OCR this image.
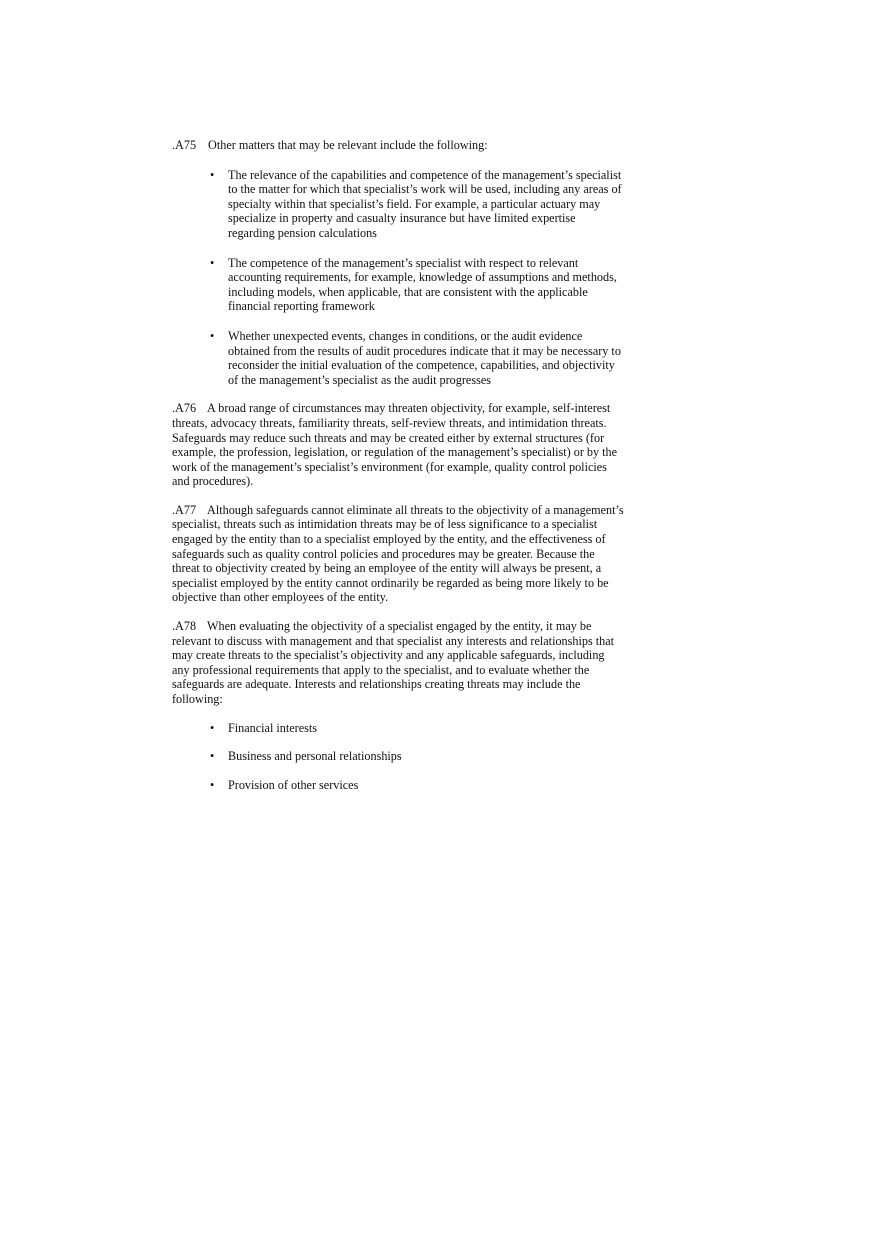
.A75 Other matters that may be relevant include the following:

• The relevance of the capabilities and competence of the management’s specialist to the matter for which that specialist’s work will be used, including any areas of specialty within that specialist’s field. For example, a particular actuary may specialize in property and casualty insurance but have limited expertise regarding pension calculations
• The competence of the management’s specialist with respect to relevant accounting requirements, for example, knowledge of assumptions and methods, including models, when applicable, that are consistent with the applicable financial reporting framework
• Whether unexpected events, changes in conditions, or the audit evidence obtained from the results of audit procedures indicate that it may be necessary to reconsider the initial evaluation of the competence, capabilities, and objectivity of the management’s specialist as the audit progresses

.A76 A broad range of circumstances may threaten objectivity, for example, self-interest threats, advocacy threats, familiarity threats, self-review threats, and intimidation threats. Safeguards may reduce such threats and may be created either by external structures (for example, the profession, legislation, or regulation of the management’s specialist) or by the work of the management’s specialist’s environment (for example, quality control policies and procedures).

.A77 Although safeguards cannot eliminate all threats to the objectivity of a management’s specialist, threats such as intimidation threats may be of less significance to a specialist engaged by the entity than to a specialist employed by the entity, and the effectiveness of safeguards such as quality control policies and procedures may be greater. Because the threat to objectivity created by being an employee of the entity will always be present, a specialist employed by the entity cannot ordinarily be regarded as being more likely to be objective than other employees of the entity.

.A78 When evaluating the objectivity of a specialist engaged by the entity, it may be relevant to discuss with management and that specialist any interests and relationships that may create threats to the specialist’s objectivity and any applicable safeguards, including any professional requirements that apply to the specialist, and to evaluate whether the safeguards are adequate. Interests and relationships creating threats may include the following:

• Financial interests
• Business and personal relationships
• Provision of other services
